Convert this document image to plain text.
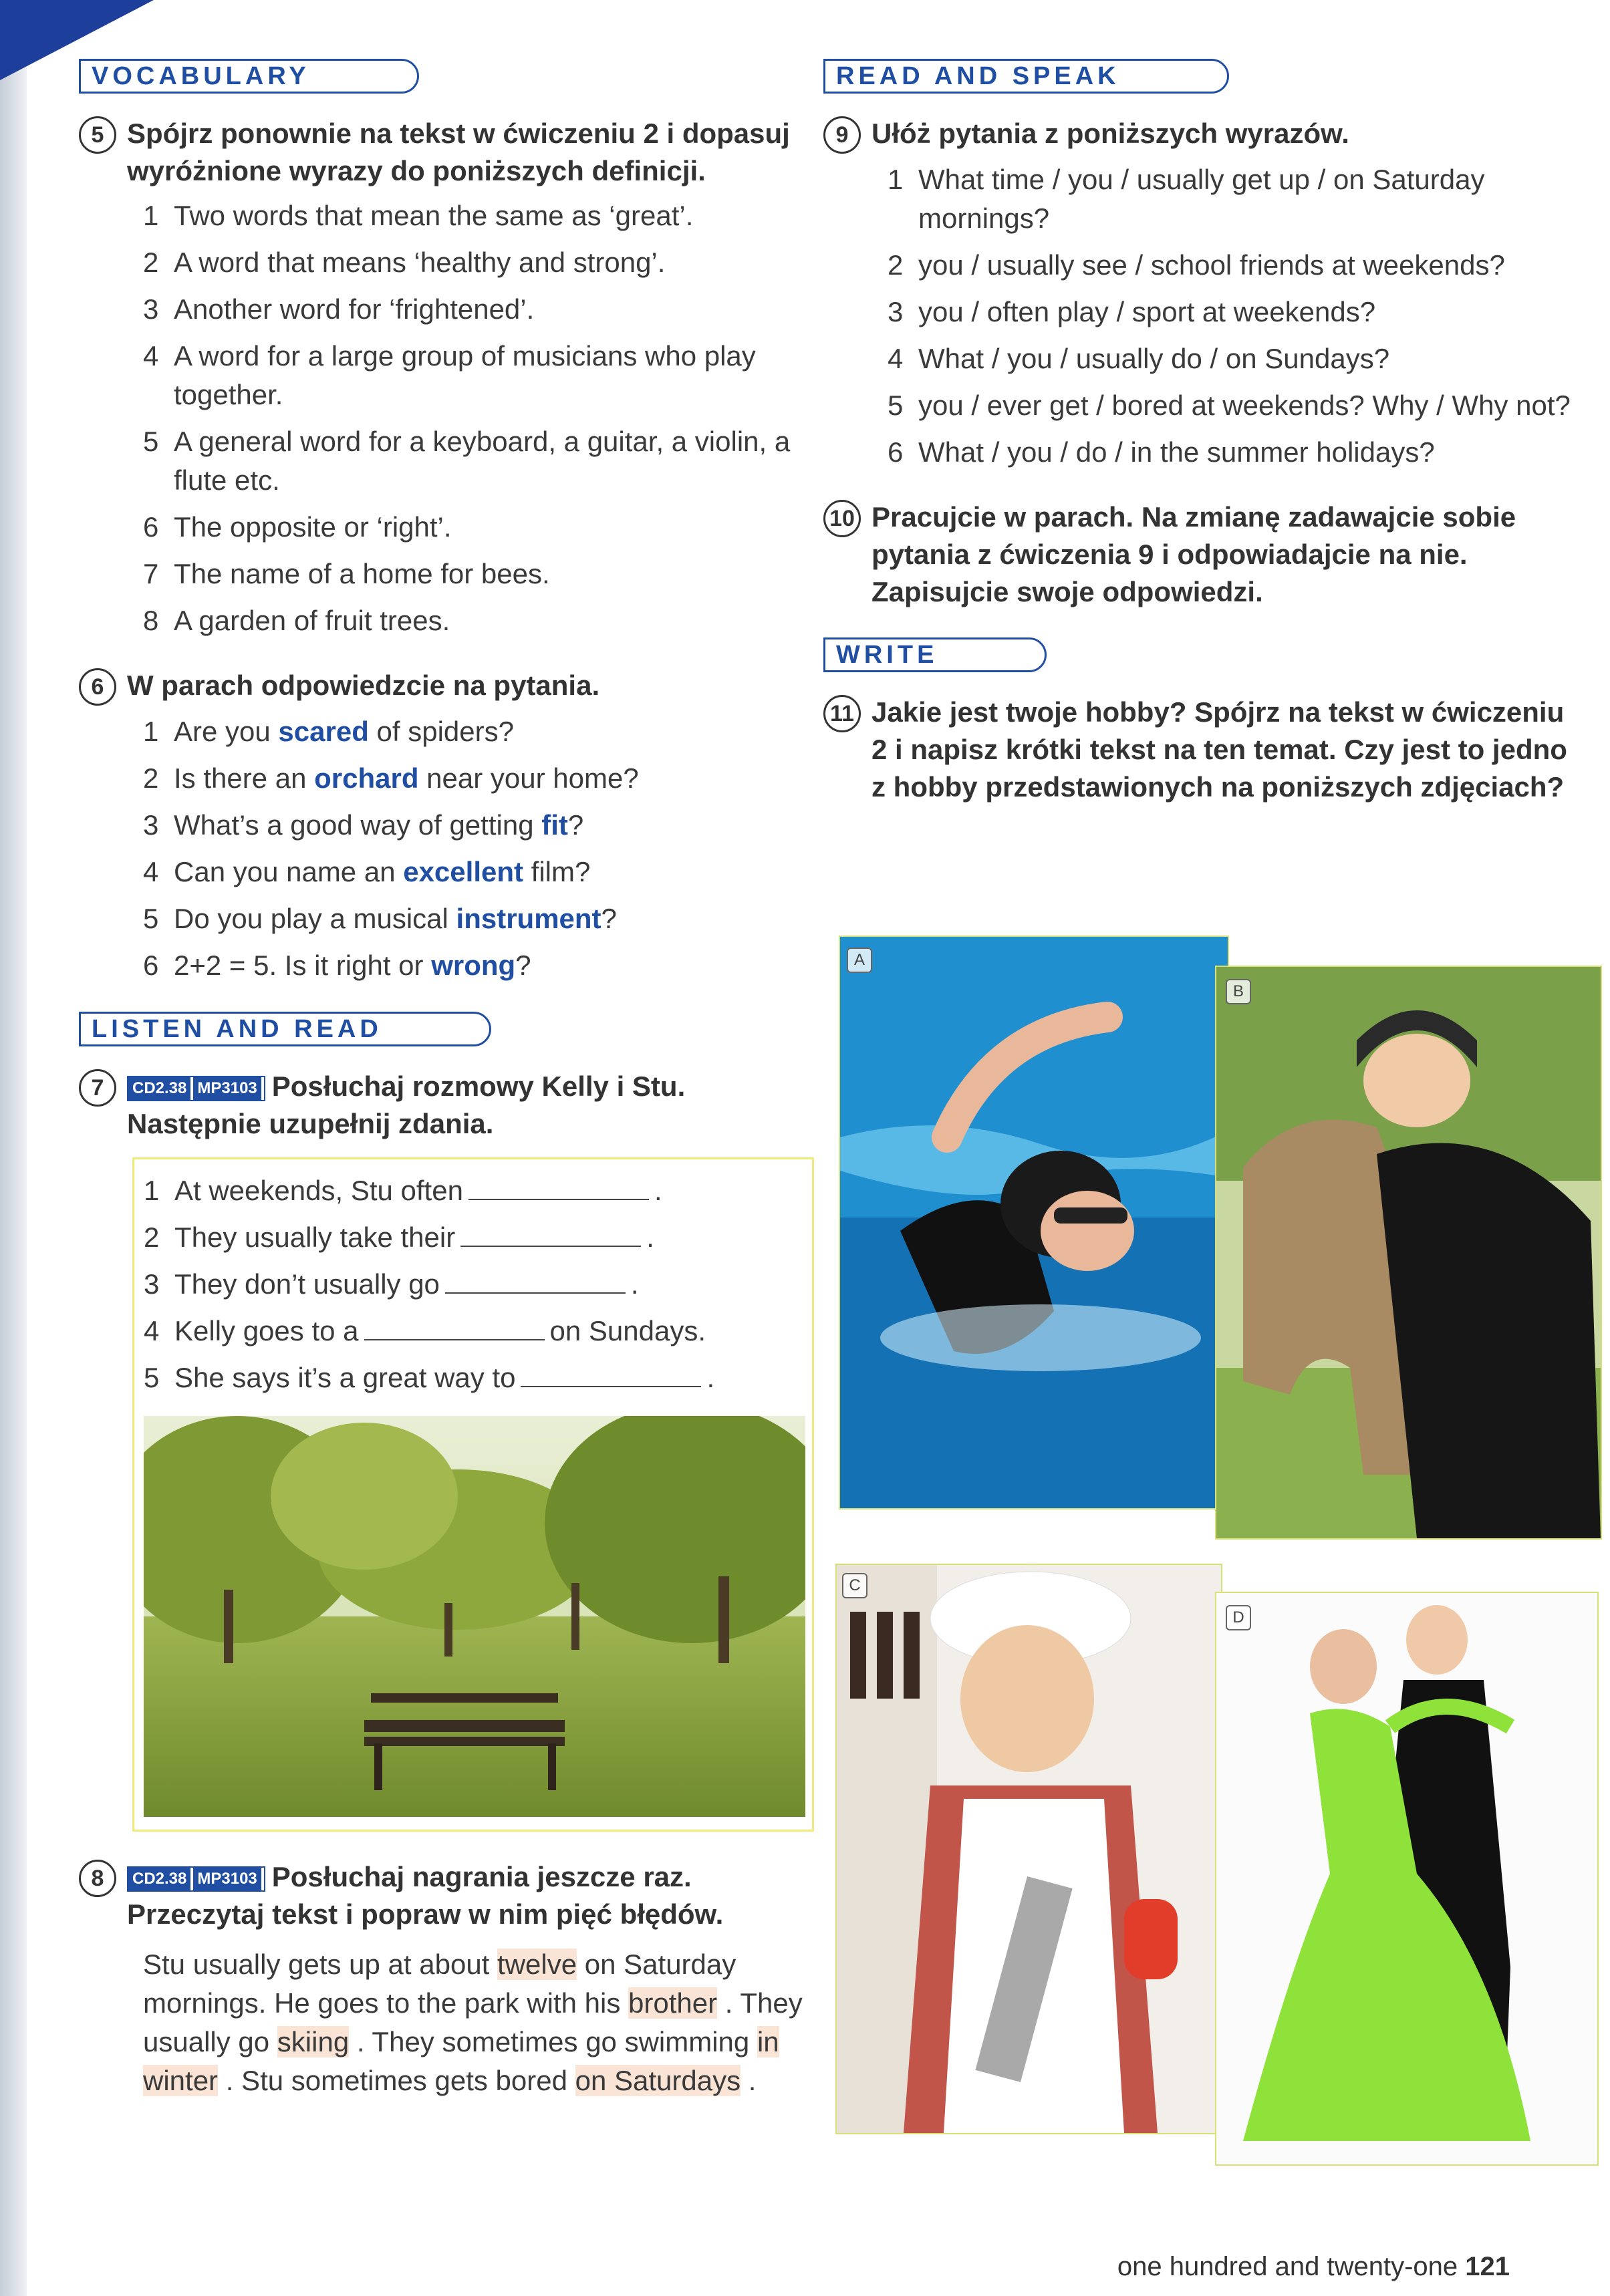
VOCABULARY
5 Spójrz ponownie na tekst w ćwiczeniu 2 i dopasuj wyróżnione wyrazy do poniższych definicji.
1 Two words that mean the same as ‘great’.
2 A word that means ‘healthy and strong’.
3 Another word for ‘frightened’.
4 A word for a large group of musicians who play together.
5 A general word for a keyboard, a guitar, a violin, a flute etc.
6 The opposite or ‘right’.
7 The name of a home for bees.
8 A garden of fruit trees.
6 W parach odpowiedzcie na pytania.
1 Are you scared of spiders?
2 Is there an orchard near your home?
3 What’s a good way of getting fit?
4 Can you name an excellent film?
5 Do you play a musical instrument?
6 2+2 = 5. Is it right or wrong?
LISTEN AND READ
7	CD2.38 MP3103 Posłuchaj rozmowy Kelly i Stu. Następnie uzupełnij zdania.
1 At weekends, Stu often	.
2 They usually take their	.
3 They don’t usually go	.
4 Kelly goes to a	on Sundays.
5 She says it’s a great way to	.
8	CD2.38 MP3103 Posłuchaj nagrania jeszcze raz. Przeczytaj tekst i popraw w nim pięć błędów.
Stu usually gets up at about twelve on Saturday mornings. He goes to the park with his brother . They usually go skiing . They sometimes go swimming in winter . Stu sometimes gets bored on Saturdays .
READ AND SPEAK
9 Ułóż pytania z poniższych wyrazów.
1 What time / you / usually get up / on Saturday mornings?
2 you / usually see / school friends at weekends?
3 you / often play / sport at weekends?
4 What / you / usually do / on Sundays?
5 you / ever get / bored at weekends? Why / Why not?
6 What / you / do / in the summer holidays?
10 Pracujcie w parach. Na zmianę zadawajcie sobie pytania z ćwiczenia 9 i odpowiadajcie na nie. Zapisujcie swoje odpowiedzi.
WRITE
11 Jakie jest twoje hobby? Spójrz na tekst w ćwiczeniu 2 i napisz krótki tekst na ten temat. Czy jest to jedno z hobby przedstawionych na poniższych zdjęciach?
A
B
C
D
one hundred and twenty-one 121
